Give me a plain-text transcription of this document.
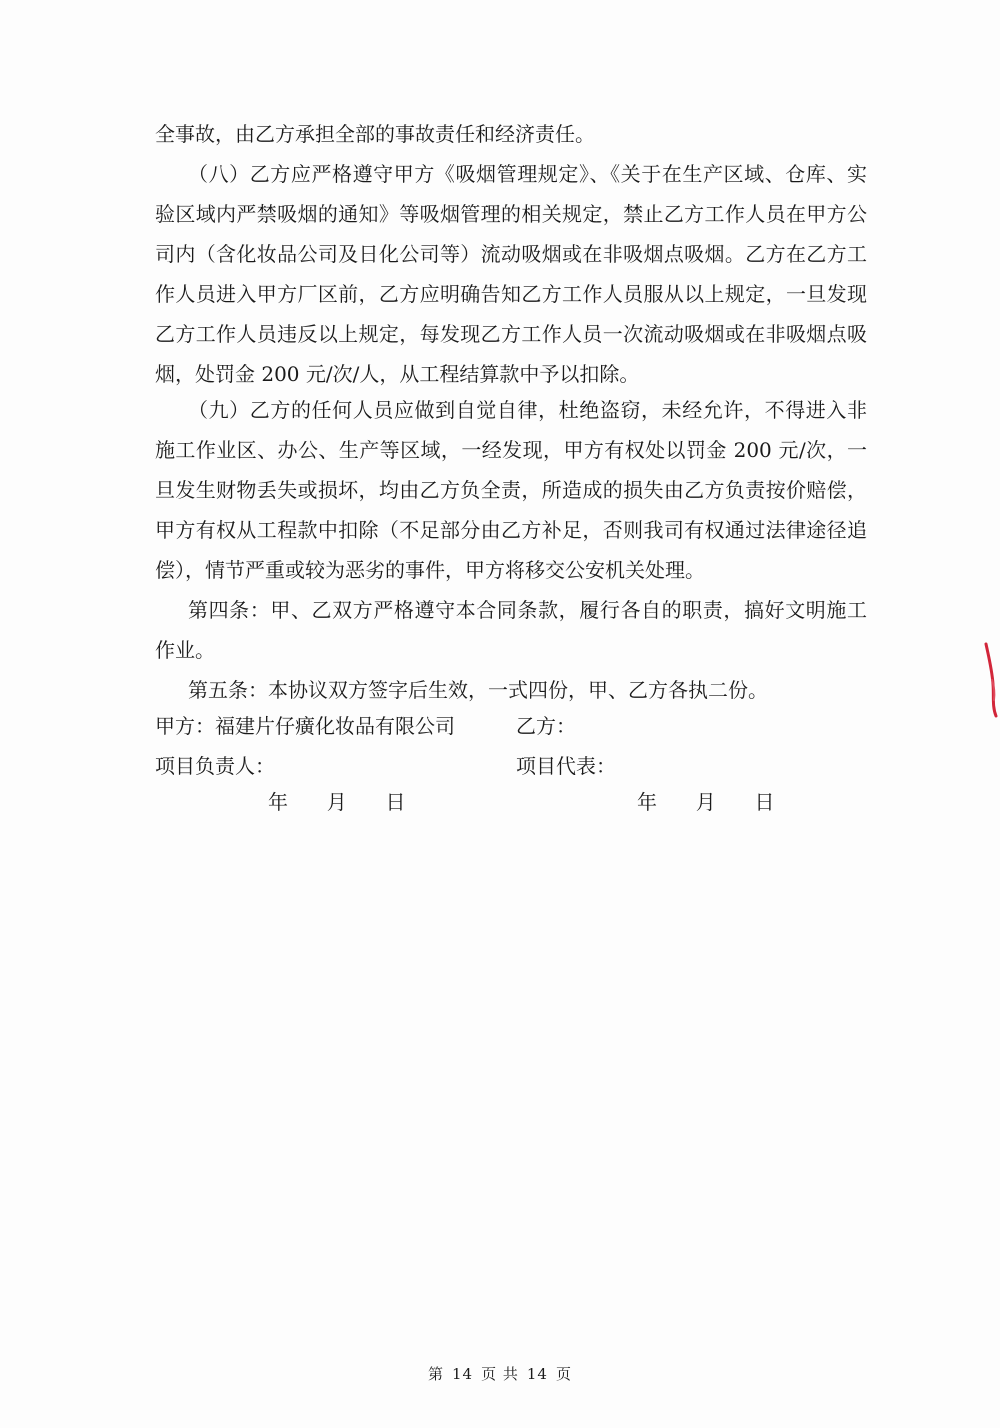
全事故，由乙方承担全部的事故责任和经济责任。
（八）乙方应严格遵守甲方《吸烟管理规定》、《关于在生产区域、仓库、实
验区域内严禁吸烟的通知》等吸烟管理的相关规定，禁止乙方工作人员在甲方公
司内（含化妆品公司及日化公司等）流动吸烟或在非吸烟点吸烟。乙方在乙方工
作人员进入甲方厂区前，乙方应明确告知乙方工作人员服从以上规定，一旦发现
乙方工作人员违反以上规定，每发现乙方工作人员一次流动吸烟或在非吸烟点吸
烟，处罚金 200 元/次/人，从工程结算款中予以扣除。
（九）乙方的任何人员应做到自觉自律，杜绝盗窃，未经允许，不得进入非
施工作业区、办公、生产等区域，一经发现，甲方有权处以罚金 200 元/次，一
旦发生财物丢失或损坏，均由乙方负全责，所造成的损失由乙方负责按价赔偿，
甲方有权从工程款中扣除（不足部分由乙方补足，否则我司有权通过法律途径追
偿），情节严重或较为恶劣的事件，甲方将移交公安机关处理。
第四条：甲、乙双方严格遵守本合同条款，履行各自的职责，搞好文明施工
作业。
第五条：本协议双方签字后生效，一式四份，甲、乙方各执二份。
甲方：福建片仔癀化妆品有限公司	乙方：
项目负责人：	项目代表：
年 月 日	年 月 日
第 14 页 共 14 页
